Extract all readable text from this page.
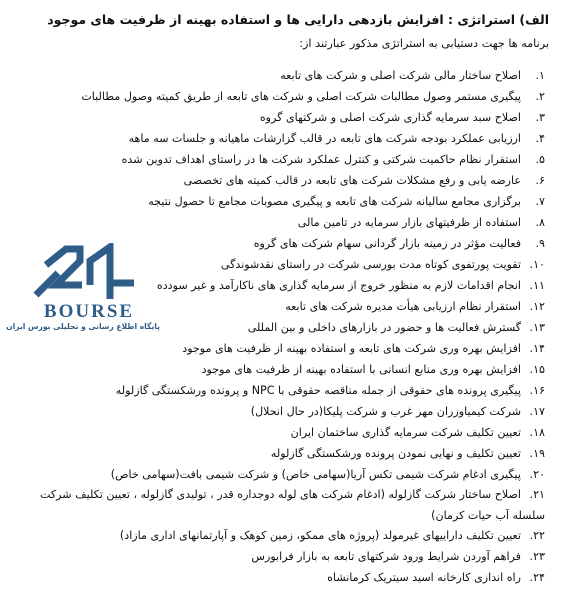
الف) استراتژی : افزایش بازدهی دارایی ها و استفاده بهینه از ظرفیت های موجود
برنامه ها جهت دستیابی به استراتژی مذکور عبارتند از:
۱.اصلاح ساختار مالی شرکت اصلی و شرکت های تابعه
۲.پیگیری مستمر وصول مطالبات شرکت اصلی و شرکت های تابعه از طریق کمیته وصول مطالبات
۳.اصلاح سبد سرمایه گذاری شرکت اصلی و شرکتهای گروه
۴.ارزیابی عملکرد بودجه شرکت های تابعه در قالب گزارشات ماهیانه و جلسات سه ماهه
۵.استقرار نظام حاکمیت شرکتی و کنترل عملکرد شرکت ها در راستای اهداف تدوین شده
۶.عارضه یابی و رفع مشکلات شرکت های تابعه در قالب کمیته های تخصصی
۷.برگزاری مجامع سالیانه شرکت های تابعه و پیگیری مصوبات مجامع تا حصول نتیجه
۸.استفاده از ظرفیتهای بازار سرمایه در تامین مالی
۹.فعالیت مؤثر در زمینه بازار گردانی سهام شرکت های گروه
۱۰.تقویت پورتفوی کوتاه مدت بورسی شرکت در راستای نقدشوندگی
۱۱.انجام اقدامات لازم به منظور خروج از سرمایه گذاری های ناکارآمد و غیر سودده
۱۲.استقرار نظام ارزیابی هیأت مدیره شرکت های تابعه
۱۳.گسترش فعالیت ها و حضور در بازارهای داخلی و بین المللی
۱۴.افزایش بهره وری شرکت های تابعه و استفاده بهینه از ظرفیت های موجود
۱۵.افزایش بهره وری منابع انسانی با استفاده بهینه از ظرفیت های موجود
۱۶.پیگیری پرونده های حقوقی از جمله مناقصه حقوقی با NPC و پرونده ورشکستگی گازلوله
۱۷.شرکت کیمیاوزران مهر غرب و شرکت پلیکا(در حال انحلال)
۱۸.تعیین تکلیف شرکت سرمایه گذاری ساختمان ایران
۱۹.تعیین تکلیف و نهایی نمودن پرونده ورشکستگی گازلوله
۲۰.پیگیری ادغام شرکت شیمی تکس آریا(سهامی خاص) و شرکت شیمی بافت(سهامی خاص)
۲۱.اصلاح ساختار شرکت گازلوله (ادغام شرکت های لوله دوجداره قدر ، تولیدی گازلوله ، تعیین تکلیف شرکت سلسله آب حیات کرمان)
۲۲.تعیین تکلیف داراییهای غیرمولد (پروژه های ممکو، زمین کوهک و آپارتمانهای اداری مازاد)
۲۳.فراهم آوردن شرایط ورود شرکتهای تابعه به بازار فرابورس
۲۴.راه اندازی کارخانه اسید سیتریک کرمانشاه
BOURSE
پایگاه اطلاع رسانی و تحلیلی بورس ایران
